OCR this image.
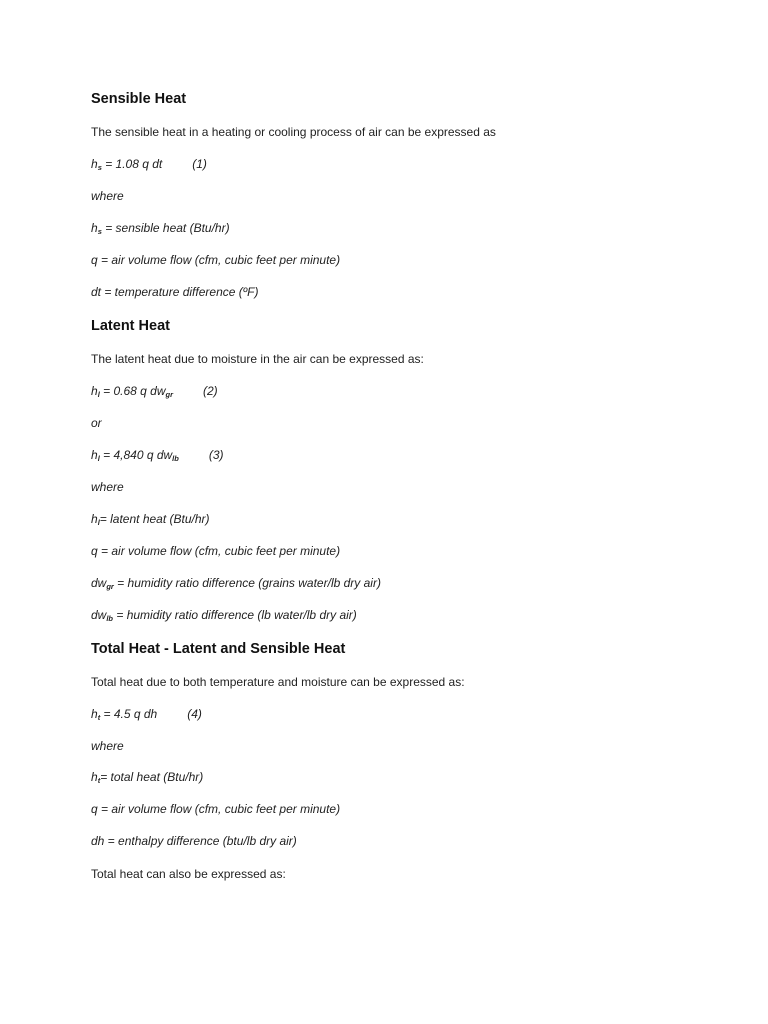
Sensible Heat
The sensible heat in a heating or cooling process of air can be expressed as
$h_s = 1.08$ q dt	(1)
where
$h_s$ = sensible heat (Btu/hr)
q = air volume flow (cfm, cubic feet per minute)
dt = temperature difference (ºF)
Latent Heat
The latent heat due to moisture in the air can be expressed as:
$h_l = 0.68$ q $dw_{gr}$	(2)
or
$h_l = 4,840$ q $dw_{lb}$	(3)
where
$h_l=$ latent heat (Btu/hr)
q = air volume flow (cfm, cubic feet per minute)
$dw_{gr}$ = humidity ratio difference (grains water/lb dry air)
$dw_{lb}$ = humidity ratio difference (lb water/lb dry air)
Total Heat - Latent and Sensible Heat
Total heat due to both temperature and moisture can be expressed as:
$h_t = 4.5$ q dh	(4)
where
$h_t=$ total heat (Btu/hr)
q = air volume flow (cfm, cubic feet per minute)
dh = enthalpy difference (btu/lb dry air)
Total heat can also be expressed as:
